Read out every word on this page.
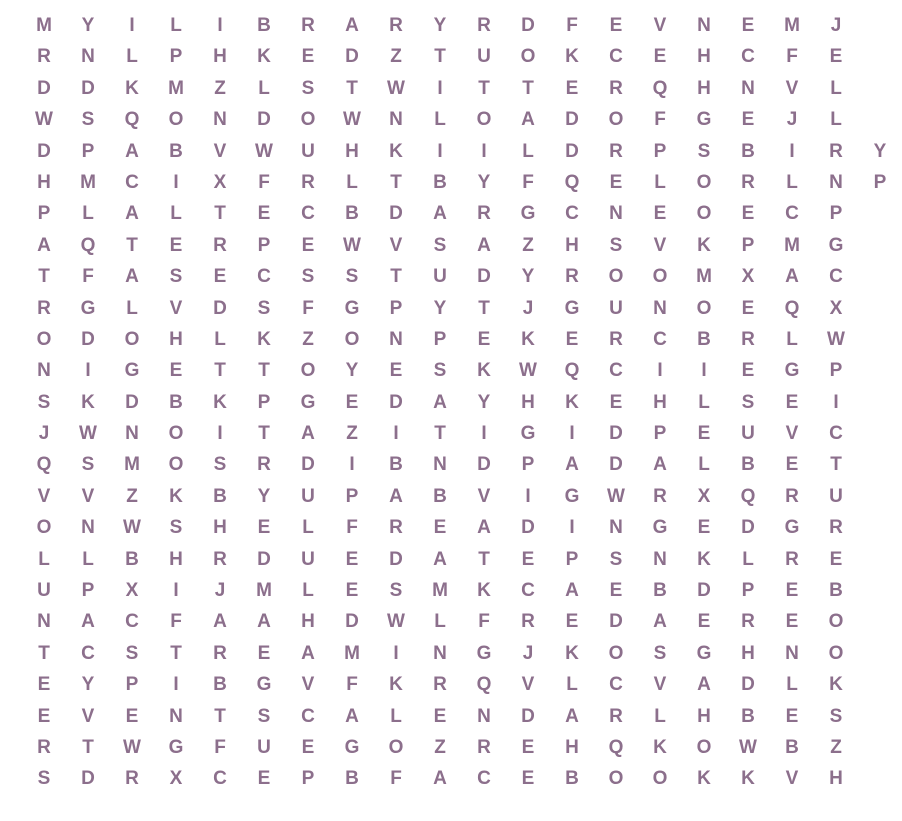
M	Y	I	L	I	B	R	A	R	Y	R	D	F	E	V	N	E	M	J
R	N	L	P	H	K	E	D	Z	T	U	O	K	C	E	H	C	F	E
D	D	K	M	Z	L	S	T	W	I	T	T	E	R	Q	H	N	V	L
W	S	Q	O	N	D	O	W	N	L	O	A	D	O	F	G	E	J	L
D	P	A	B	V	W	U	H	K	I	I	L	D	R	P	S	B	I	R	Y
H	M	C	I	X	F	R	L	T	B	Y	F	Q	E	L	O	R	L	N	P
P	L	A	L	T	E	C	B	D	A	R	G	C	N	E	O	E	C	P
A	Q	T	E	R	P	E	W	V	S	A	Z	H	S	V	K	P	M	G
T	F	A	S	E	C	S	S	T	U	D	Y	R	O	O	M	X	A	C
R	G	L	V	D	S	F	G	P	Y	T	J	G	U	N	O	E	Q	X
O	D	O	H	L	K	Z	O	N	P	E	K	E	R	C	B	R	L	W
N	I	G	E	T	T	O	Y	E	S	K	W	Q	C	I	I	E	G	P
S	K	D	B	K	P	G	E	D	A	Y	H	K	E	H	L	S	E	I
J	W	N	O	I	T	A	Z	I	T	I	G	I	D	P	E	U	V	C
Q	S	M	O	S	R	D	I	B	N	D	P	A	D	A	L	B	E	T
V	V	Z	K	B	Y	U	P	A	B	V	I	G	W	R	X	Q	R	U
O	N	W	S	H	E	L	F	R	E	A	D	I	N	G	E	D	G	R
L	L	B	H	R	D	U	E	D	A	T	E	P	S	N	K	L	R	E
U	P	X	I	J	M	L	E	S	M	K	C	A	E	B	D	P	E	B
N	A	C	F	A	A	H	D	W	L	F	R	E	D	A	E	R	E	O
T	C	S	T	R	E	A	M	I	N	G	J	K	O	S	G	H	N	O
E	Y	P	I	B	G	V	F	K	R	Q	V	L	C	V	A	D	L	K
E	V	E	N	T	S	C	A	L	E	N	D	A	R	L	H	B	E	S
R	T	W	G	F	U	E	G	O	Z	R	E	H	Q	K	O	W	B	Z
S	D	R	X	C	E	P	B	F	A	C	E	B	O	O	K	K	V	H
